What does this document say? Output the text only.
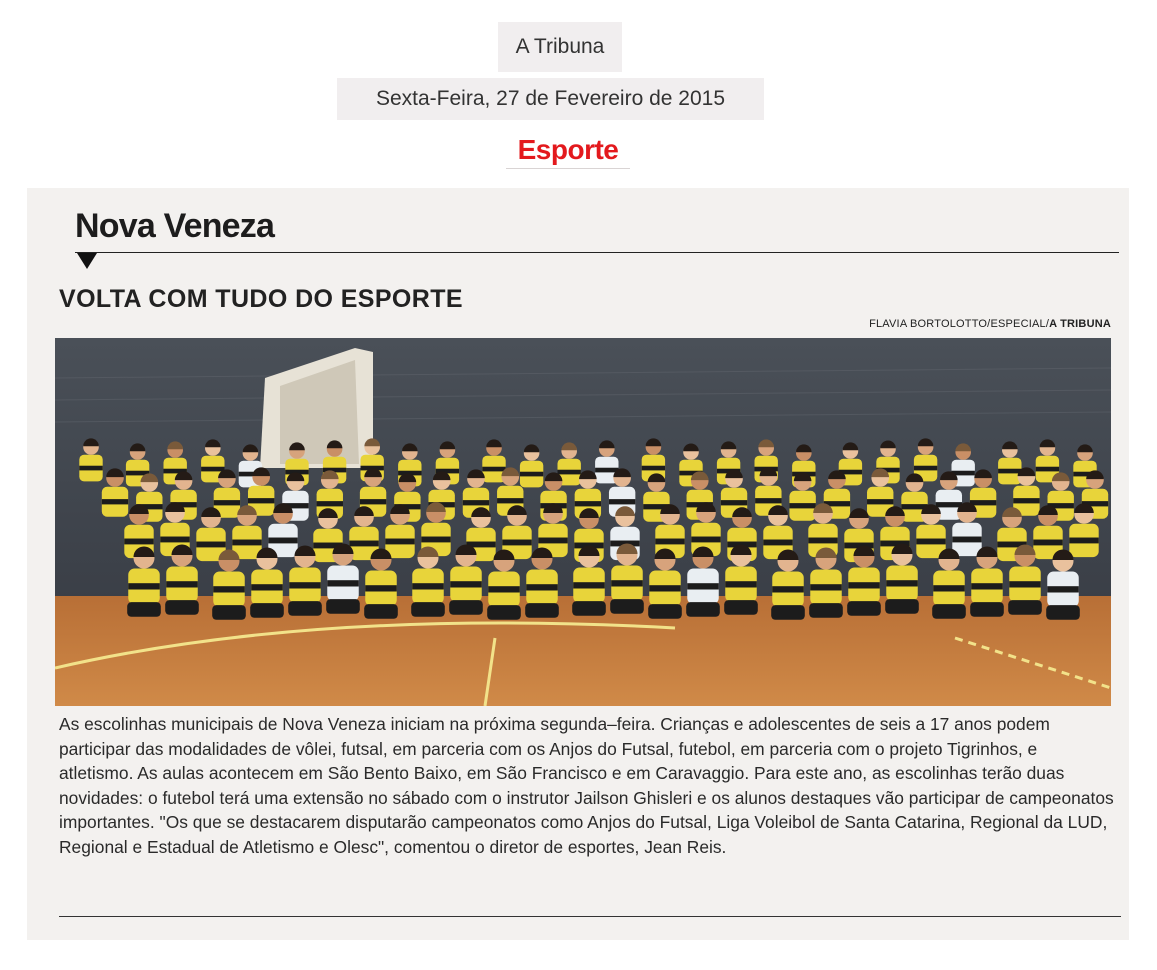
A Tribuna
Sexta-Feira, 27 de Fevereiro de 2015
Esporte
Nova Veneza
VOLTA COM TUDO DO ESPORTE
FLAVIA BORTOLOTTO/ESPECIAL/A TRIBUNA
As escolinhas municipais de Nova Veneza iniciam na próxima segunda–feira. Crianças e adolescentes de seis a 17 anos podem participar das modalidades de vôlei, futsal, em parceria com os Anjos do Futsal, futebol, em parceria com o projeto Tigrinhos, e atletismo. As aulas acontecem em São Bento Baixo, em São Francisco e em Caravaggio. Para este ano, as escolinhas terão duas novidades: o futebol terá uma extensão no sábado com o instrutor Jailson Ghisleri e os alunos destaques vão participar de campeonatos importantes. "Os que se destacarem disputarão campeonatos como Anjos do Futsal, Liga Voleibol de Santa Catarina, Regional da LUD, Regional e Estadual de Atletismo e Olesc", comentou o diretor de esportes, Jean Reis.
